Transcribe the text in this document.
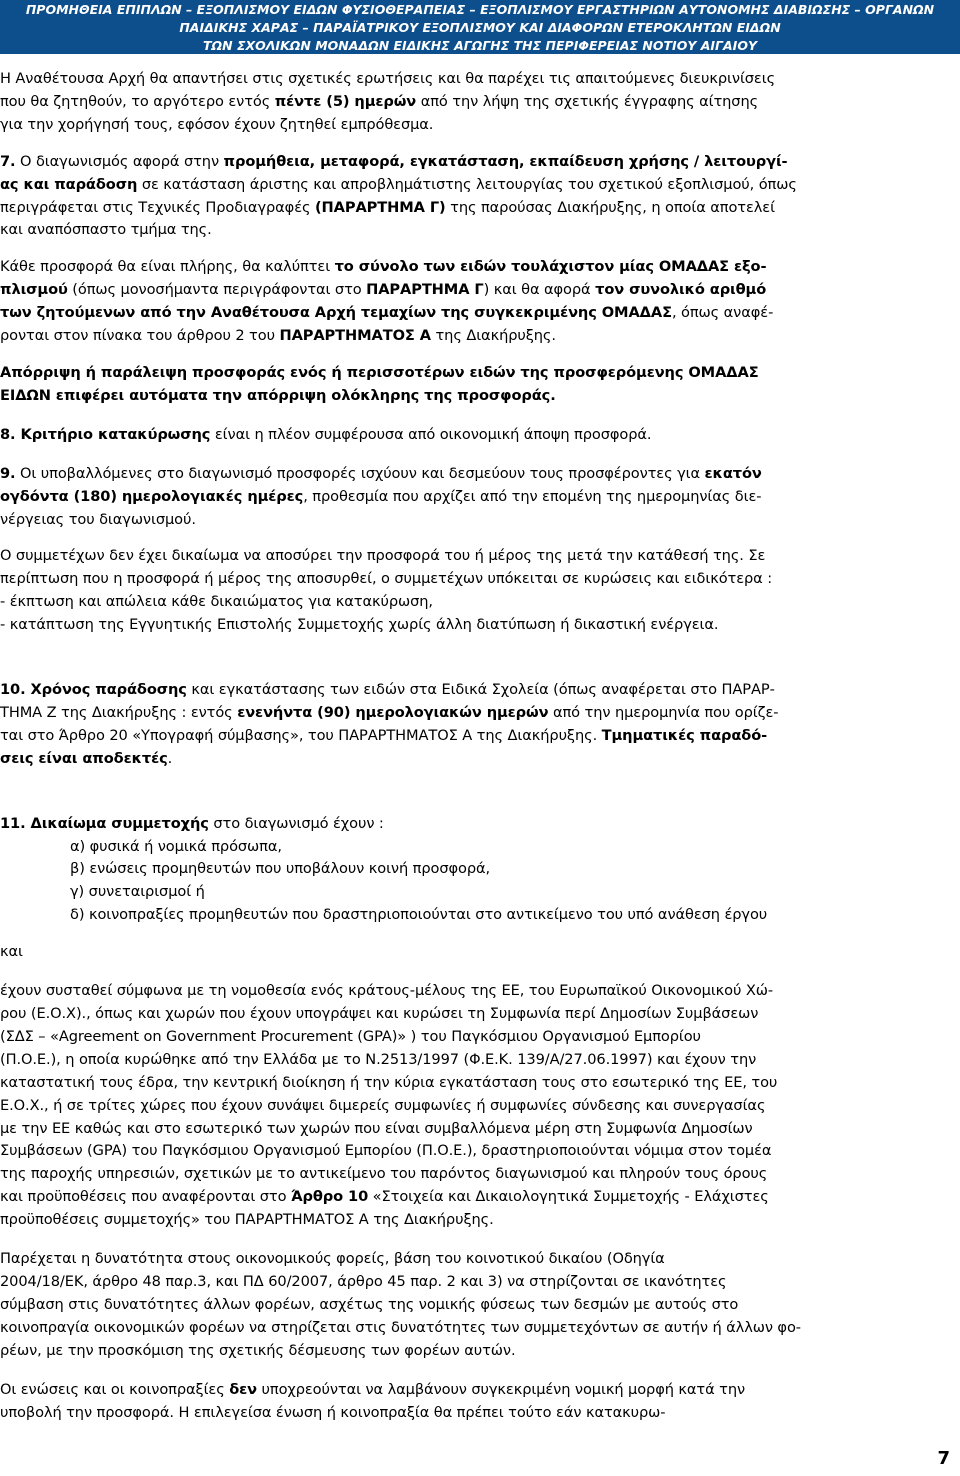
ΠΡΟΜΗΘΕΙΑ ΕΠΙΠΛΩΝ – ΕΞΟΠΛΙΣΜΟΥ ΕΙΔΩΝ ΦΥΣΙΟΘΕΡΑΠΕΙΑΣ – ΕΞΟΠΛΙΣΜΟΥ ΕΡΓΑΣΤΗΡΙΩΝ ΑΥΤΟΝΟΜΗΣ ΔΙΑΒΙΩΣΗΣ – ΟΡΓΑΝΩΝ
ΠΑΙΔΙΚΗΣ ΧΑΡΑΣ – ΠΑΡΑΪΑΤΡΙΚΟΥ ΕΞΟΠΛΙΣΜΟΥ ΚΑΙ ΔΙΑΦΟΡΩΝ ΕΤΕΡΟΚΛΗΤΩΝ ΕΙΔΩΝ
ΤΩΝ ΣΧΟΛΙΚΩΝ ΜΟΝΑΔΩΝ ΕΙΔΙΚΗΣ ΑΓΩΓΗΣ ΤΗΣ ΠΕΡΙΦΕΡΕΙΑΣ ΝΟΤΙΟΥ ΑΙΓΑΙΟΥ

Η Αναθέτουσα Αρχή θα απαντήσει στις σχετικές ερωτήσεις και θα παρέχει τις απαιτούμενες διευκρινίσεις
που θα ζητηθούν, το αργότερο εντός πέντε (5) ημερών από την λήψη της σχετικής έγγραφης αίτησης
για την χορήγησή τους, εφόσον έχουν ζητηθεί εμπρόθεσμα.

7. Ο διαγωνισμός αφορά στην προμήθεια, μεταφορά, εγκατάσταση, εκπαίδευση χρήσης / λειτουργί-
ας και παράδοση σε κατάσταση άριστης και απροβλημάτιστης λειτουργίας του σχετικού εξοπλισμού, όπως
περιγράφεται στις Τεχνικές Προδιαγραφές (ΠΑΡΑΡΤΗΜΑ Γ) της παρούσας Διακήρυξης, η οποία αποτελεί
και αναπόσπαστο τμήμα της.

Κάθε προσφορά θα είναι πλήρης, θα καλύπτει το σύνολο των ειδών τουλάχιστον μίας ΟΜΑΔΑΣ εξο-
πλισμού (όπως μονοσήμαντα περιγράφονται στο ΠΑΡΑΡΤΗΜΑ Γ) και θα αφορά τον συνολικό αριθμό
των ζητούμενων από την Αναθέτουσα Αρχή τεμαχίων της συγκεκριμένης ΟΜΑΔΑΣ, όπως αναφέ-
ρονται στον πίνακα του άρθρου 2 του ΠΑΡΑΡΤΗΜΑΤΟΣ Α της Διακήρυξης.

Απόρριψη ή παράλειψη προσφοράς ενός ή περισσοτέρων ειδών της προσφερόμενης ΟΜΑΔΑΣ
ΕΙΔΩΝ επιφέρει αυτόματα την απόρριψη ολόκληρης της προσφοράς.

8. Κριτήριο κατακύρωσης είναι η πλέον συμφέρουσα από οικονομική άποψη προσφορά.

9. Οι υποβαλλόμενες στο διαγωνισμό προσφορές ισχύουν και δεσμεύουν τους προσφέροντες για εκατόν
ογδόντα (180) ημερολογιακές ημέρες, προθεσμία που αρχίζει από την επομένη της ημερομηνίας διε-
νέργειας του διαγωνισμού.

Ο συμμετέχων δεν έχει δικαίωμα να αποσύρει την προσφορά του ή μέρος της μετά την κατάθεσή της. Σε
περίπτωση που η προσφορά ή μέρος της αποσυρθεί, ο συμμετέχων υπόκειται σε κυρώσεις και ειδικότερα :
- έκπτωση και απώλεια κάθε δικαιώματος για κατακύρωση,
- κατάπτωση της Εγγυητικής Επιστολής Συμμετοχής χωρίς άλλη διατύπωση ή δικαστική ενέργεια.

10. Χρόνος παράδοσης και εγκατάστασης των ειδών στα Ειδικά Σχολεία (όπως αναφέρεται στο ΠΑΡΑΡ-
ΤΗΜΑ Ζ της Διακήρυξης : εντός ενενήντα (90) ημερολογιακών ημερών από την ημερομηνία που ορίζε-
ται στο Άρθρο 20 «Υπογραφή σύμβασης», του ΠΑΡΑΡΤΗΜΑΤΟΣ Α της Διακήρυξης. Τμηματικές παραδό-
σεις είναι αποδεκτές.

11. Δικαίωμα συμμετοχής στο διαγωνισμό έχουν :

α) φυσικά ή νομικά πρόσωπα,
β) ενώσεις προμηθευτών που υποβάλουν κοινή προσφορά,
γ) συνεταιρισμοί ή
δ) κοινοπραξίες προμηθευτών που δραστηριοποιούνται στο αντικείμενο του υπό ανάθεση έργου

και

έχουν συσταθεί σύμφωνα με τη νομοθεσία ενός κράτους-μέλους της ΕΕ, του Ευρωπαϊκού Οικονομικού Χώ-
ρου (Ε.Ο.Χ)., όπως και χωρών που έχουν υπογράψει και κυρώσει τη Συμφωνία περί Δημοσίων Συμβάσεων
(ΣΔΣ – «Agreement on Government Procurement (GPA)» ) του Παγκόσμιου Οργανισμού Εμπορίου
(Π.Ο.Ε.), η οποία κυρώθηκε από την Ελλάδα με το Ν.2513/1997 (Φ.Ε.Κ. 139/Α/27.06.1997) και έχουν την
καταστατική τους έδρα, την κεντρική διοίκηση ή την κύρια εγκατάσταση τους στο εσωτερικό της ΕΕ, του
Ε.Ο.Χ., ή σε τρίτες χώρες που έχουν συνάψει διμερείς συμφωνίες ή συμφωνίες σύνδεσης και συνεργασίας
με την ΕΕ καθώς και στο εσωτερικό των χωρών που είναι συμβαλλόμενα μέρη στη Συμφωνία Δημοσίων
Συμβάσεων (GPA) του Παγκόσμιου Οργανισμού Εμπορίου (Π.Ο.Ε.), δραστηριοποιούνται νόμιμα στον τομέα
της παροχής υπηρεσιών, σχετικών με το αντικείμενο του παρόντος διαγωνισμού και πληρούν τους όρους
και προϋποθέσεις που αναφέρονται στο Άρθρο 10 «Στοιχεία και Δικαιολογητικά Συμμετοχής - Ελάχιστες
προϋποθέσεις συμμετοχής» του ΠΑΡΑΡΤΗΜΑΤΟΣ Α της Διακήρυξης.

Παρέχεται η δυνατότητα στους οικονομικούς φορείς, βάση του κοινοτικού δικαίου (Οδηγία
2004/18/ΕΚ, άρθρο 48 παρ.3, και ΠΔ 60/2007, άρθρο 45 παρ. 2 και 3) να στηρίζονται σε ικανότητες
σύμβαση στις δυνατότητες άλλων φορέων, ασχέτως της νομικής φύσεως των δεσμών με αυτούς στο
κοινοπραγία οικονομικών φορέων να στηρίζεται στις δυνατότητες των συμμετεχόντων σε αυτήν ή άλλων φο-
ρέων, με την προσκόμιση της σχετικής δέσμευσης των φορέων αυτών.

Οι ενώσεις και οι κοινοπραξίες δεν υποχρεούνται να λαμβάνουν συγκεκριμένη νομική μορφή κατά την
υποβολή την προσφορά. Η επιλεγείσα ένωση ή κοινοπραξία θα πρέπει τούτο εάν κατακυρω-

7
